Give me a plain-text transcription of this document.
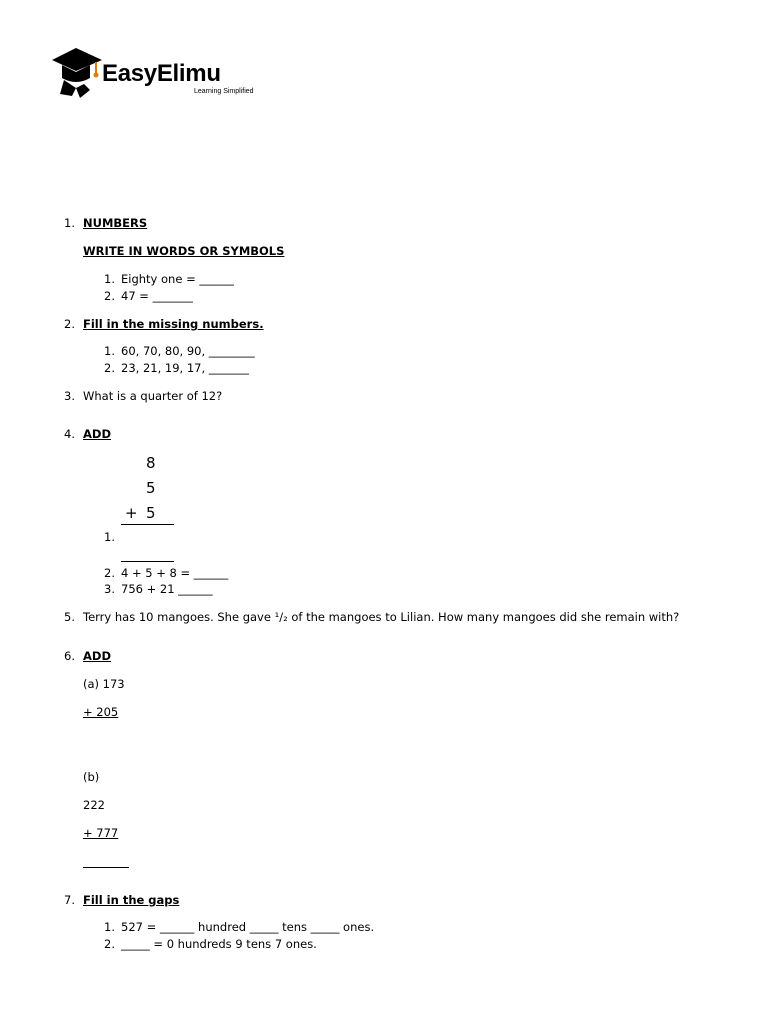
EasyElimu
Learning Simplified
1. NUMBERS
WRITE IN WORDS OR SYMBOLS
1. Eighty one = ______
2. 47 = _______
2. Fill in the missing numbers.
1. 60, 70, 80, 90, ________
2. 23, 21, 19, 17, _______
3. What is a quarter of 12?
4. ADD
8
5
+ 5
1.
2. 4 + 5 + 8 = ______
3. 756 + 21 ______
5. Terry has 10 mangoes. She gave ¹/₂ of the mangoes to Lilian. How many mangoes did she remain with?
6. ADD
(a) 173
+ 205
(b)
222
+ 777
7. Fill in the gaps
1. 527 = ______ hundred _____ tens _____ ones.
2. _____ = 0 hundreds 9 tens 7 ones.
